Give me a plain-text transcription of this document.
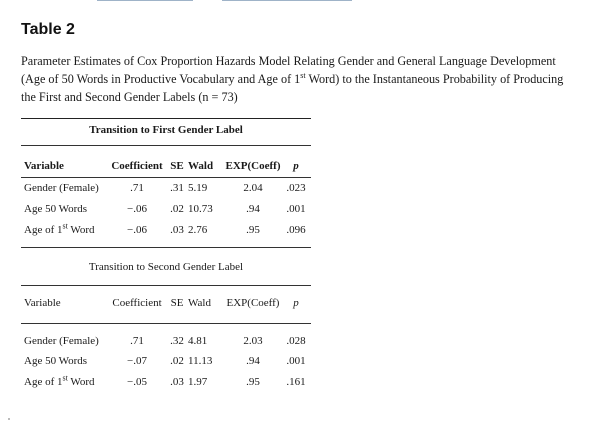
Table 2
Parameter Estimates of Cox Proportion Hazards Model Relating Gender and General Language Development
(Age of 50 Words in Productive Vocabulary and Age of 1st Word) to the Instantaneous Probability of Producing
the First and Second Gender Labels (n = 73)
Transition to First Gender Label
Variable	Coefficient SE Wald	EXP(Coeff)	p
Gender (Female)	.71	.31 5.19	2.04	.023
Age 50 Words	−.06	.02 10.73	.94	.001
Age of 1st Word	−.06	.03 2.76	.95	.096
Transition to Second Gender Label
Variable	Coefficient SE Wald	EXP(Coeff)	p
Gender (Female)	.71	.32 4.81	2.03	.028
Age 50 Words	−.07	.02 11.13	.94	.001
Age of 1st Word	−.05	.03 1.97	.95	.161
